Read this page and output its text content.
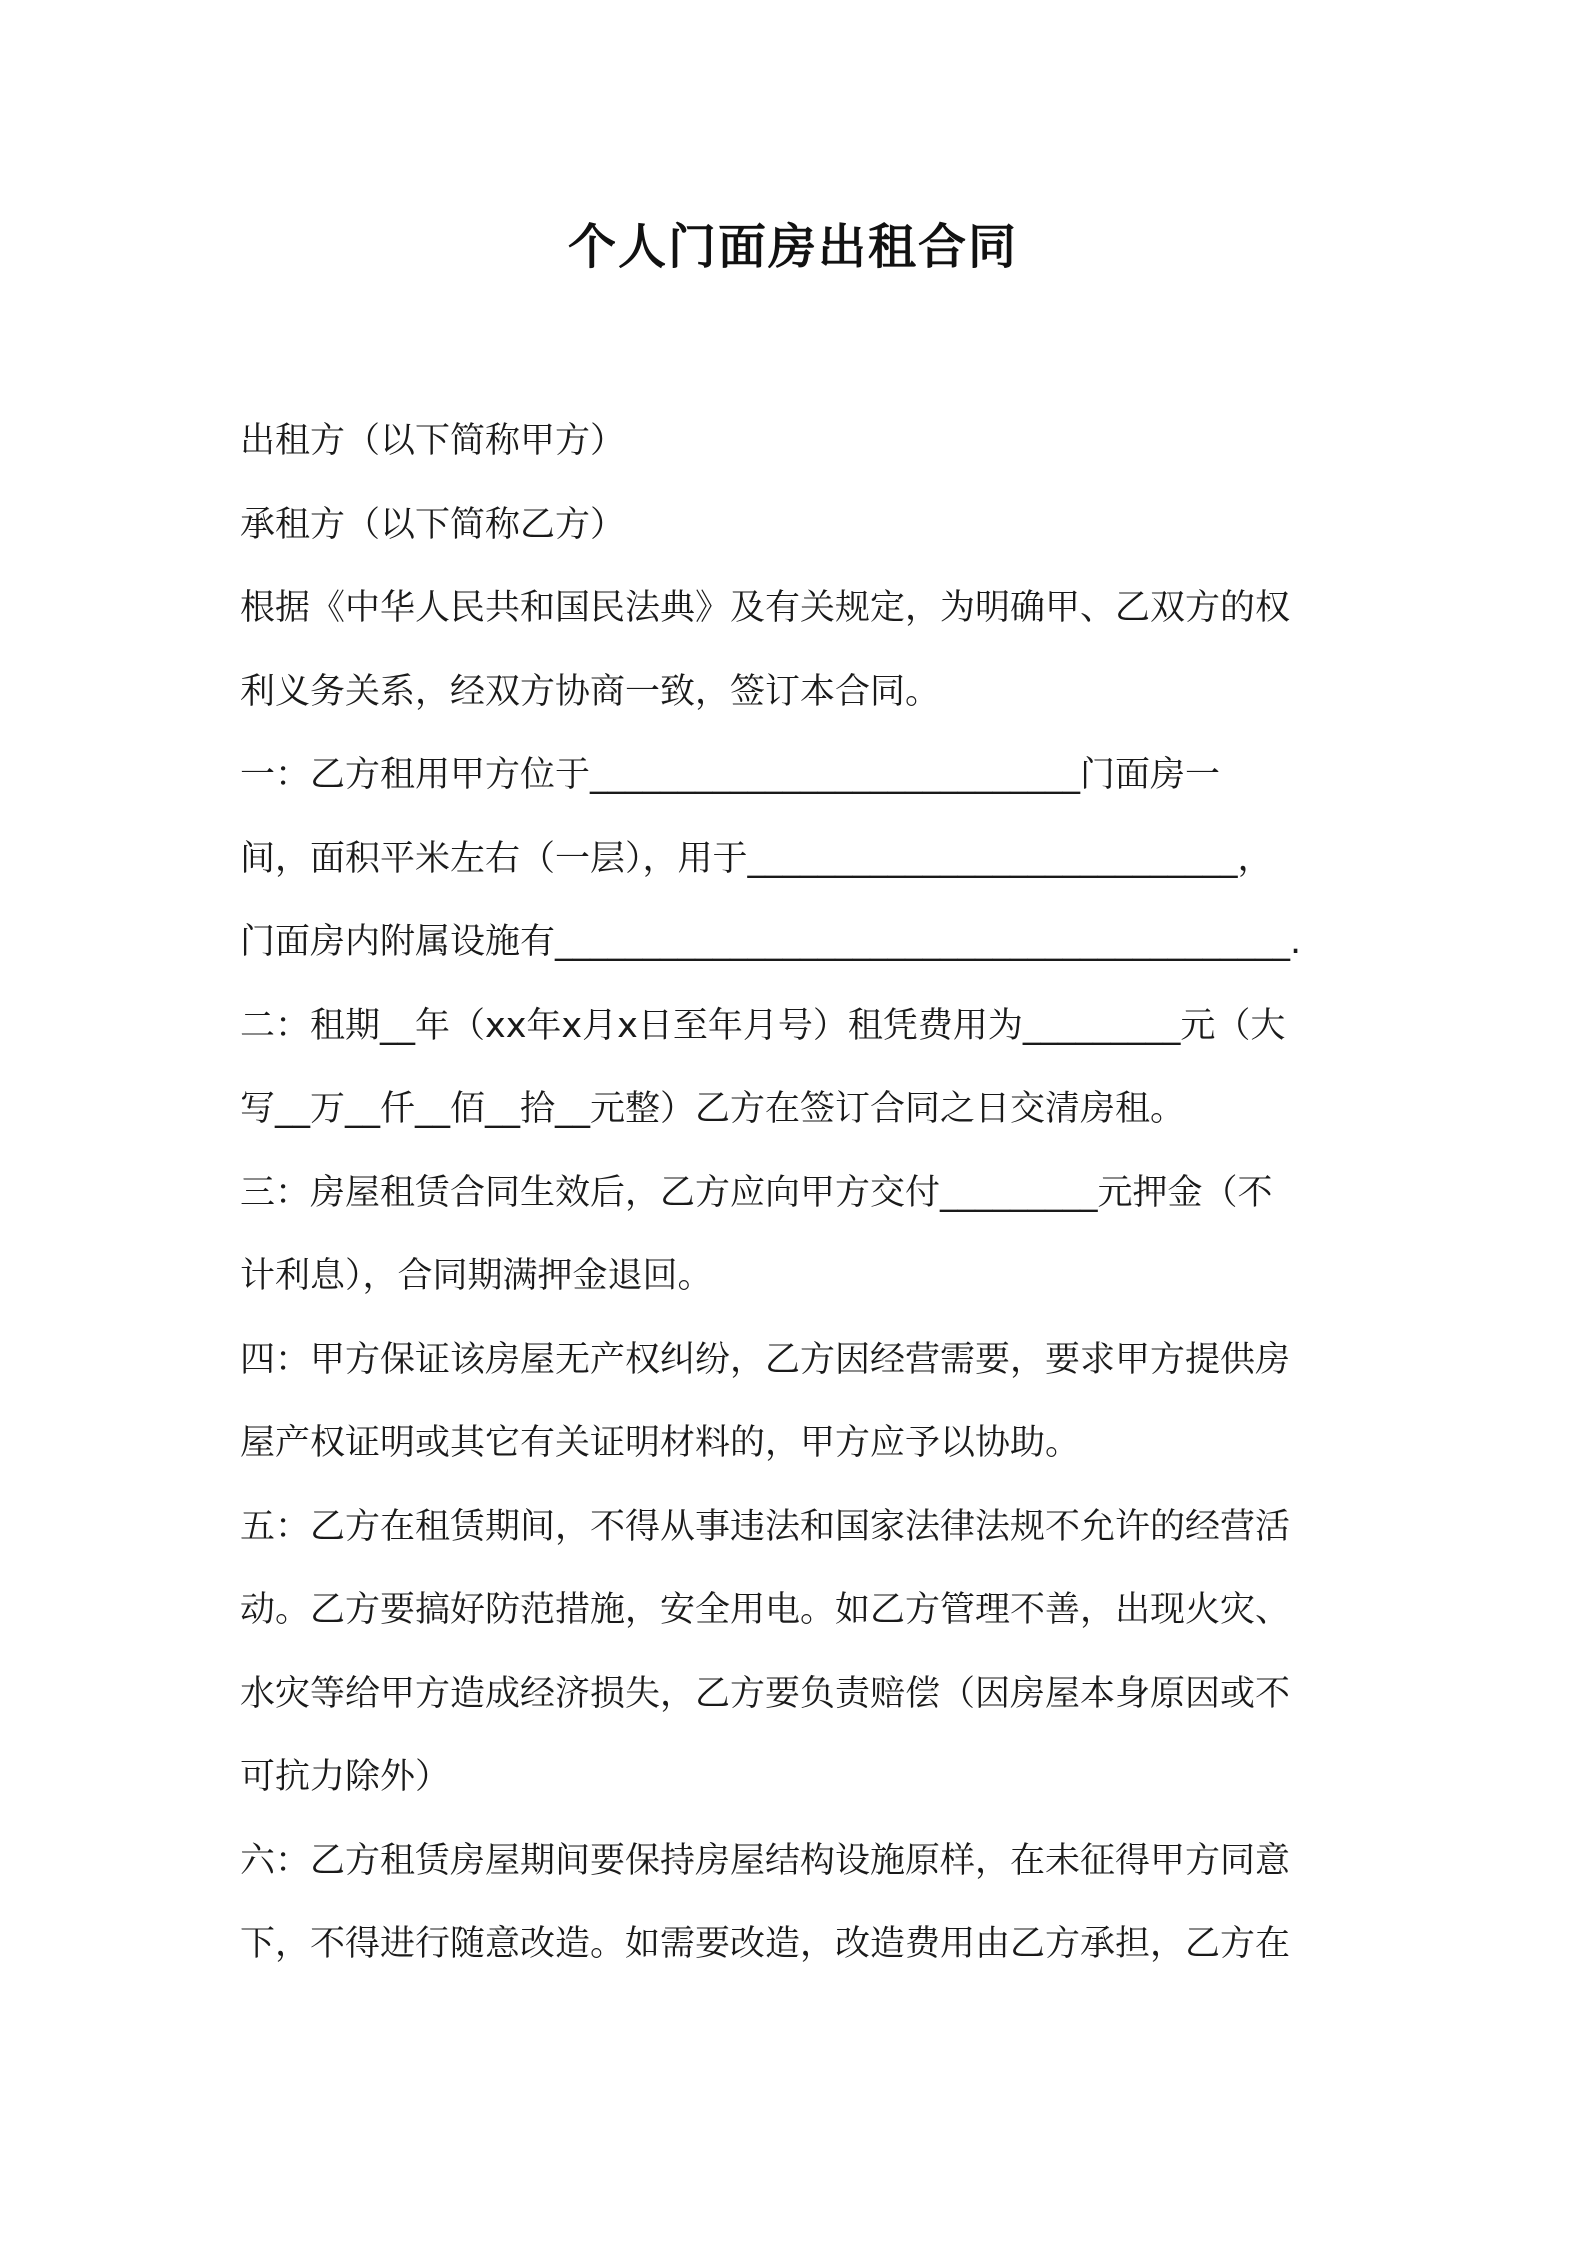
个人门面房出租合同
出租方（以下简称甲方）
承租方（以下简称乙方）
根据《中华人民共和国民法典》及有关规定，为明确甲、乙双方的权
利义务关系，经双方协商一致，签订本合同。
一：乙方租用甲方位于____________________________门面房一
间，面积平米左右（一层），用于____________________________，
门面房内附属设施有__________________________________________.
二：租期__年（xx年x月x日至年月号）租凭费用为_________元（大
写__万__仟__佰__拾__元整）乙方在签订合同之日交清房租。
三：房屋租赁合同生效后，乙方应向甲方交付_________元押金（不
计利息），合同期满押金退回。
四：甲方保证该房屋无产权纠纷，乙方因经营需要，要求甲方提供房
屋产权证明或其它有关证明材料的，甲方应予以协助。
五：乙方在租赁期间，不得从事违法和国家法律法规不允许的经营活
动。乙方要搞好防范措施，安全用电。如乙方管理不善，出现火灾、
水灾等给甲方造成经济损失，乙方要负责赔偿（因房屋本身原因或不
可抗力除外）
六：乙方租赁房屋期间要保持房屋结构设施原样，在未征得甲方同意
下，不得进行随意改造。如需要改造，改造费用由乙方承担，乙方在
